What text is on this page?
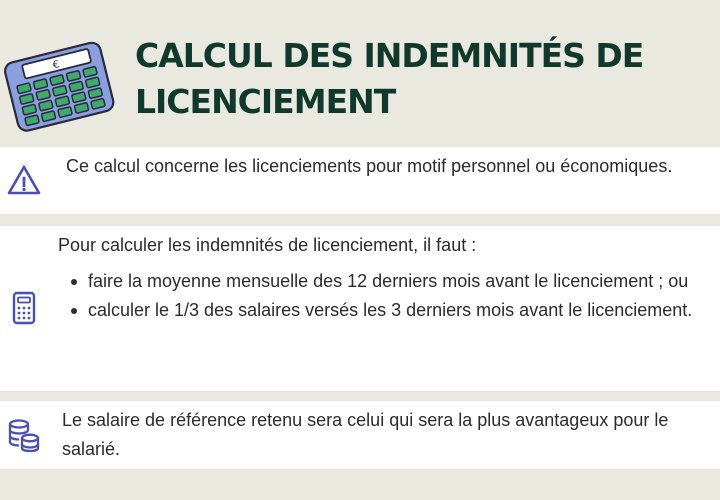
€ CALCUL DES INDEMNITÉS DE LICENCIEMENT
Ce calcul concerne les licenciements pour motif personnel ou économiques.
Pour calculer les indemnités de licenciement, il faut :
faire la moyenne mensuelle des 12 derniers mois avant le licenciement ; ou
calculer le 1/3 des salaires versés les 3 derniers mois avant le licenciement.
Le salaire de référence retenu sera celui qui sera la plus avantageux pour le salarié.
